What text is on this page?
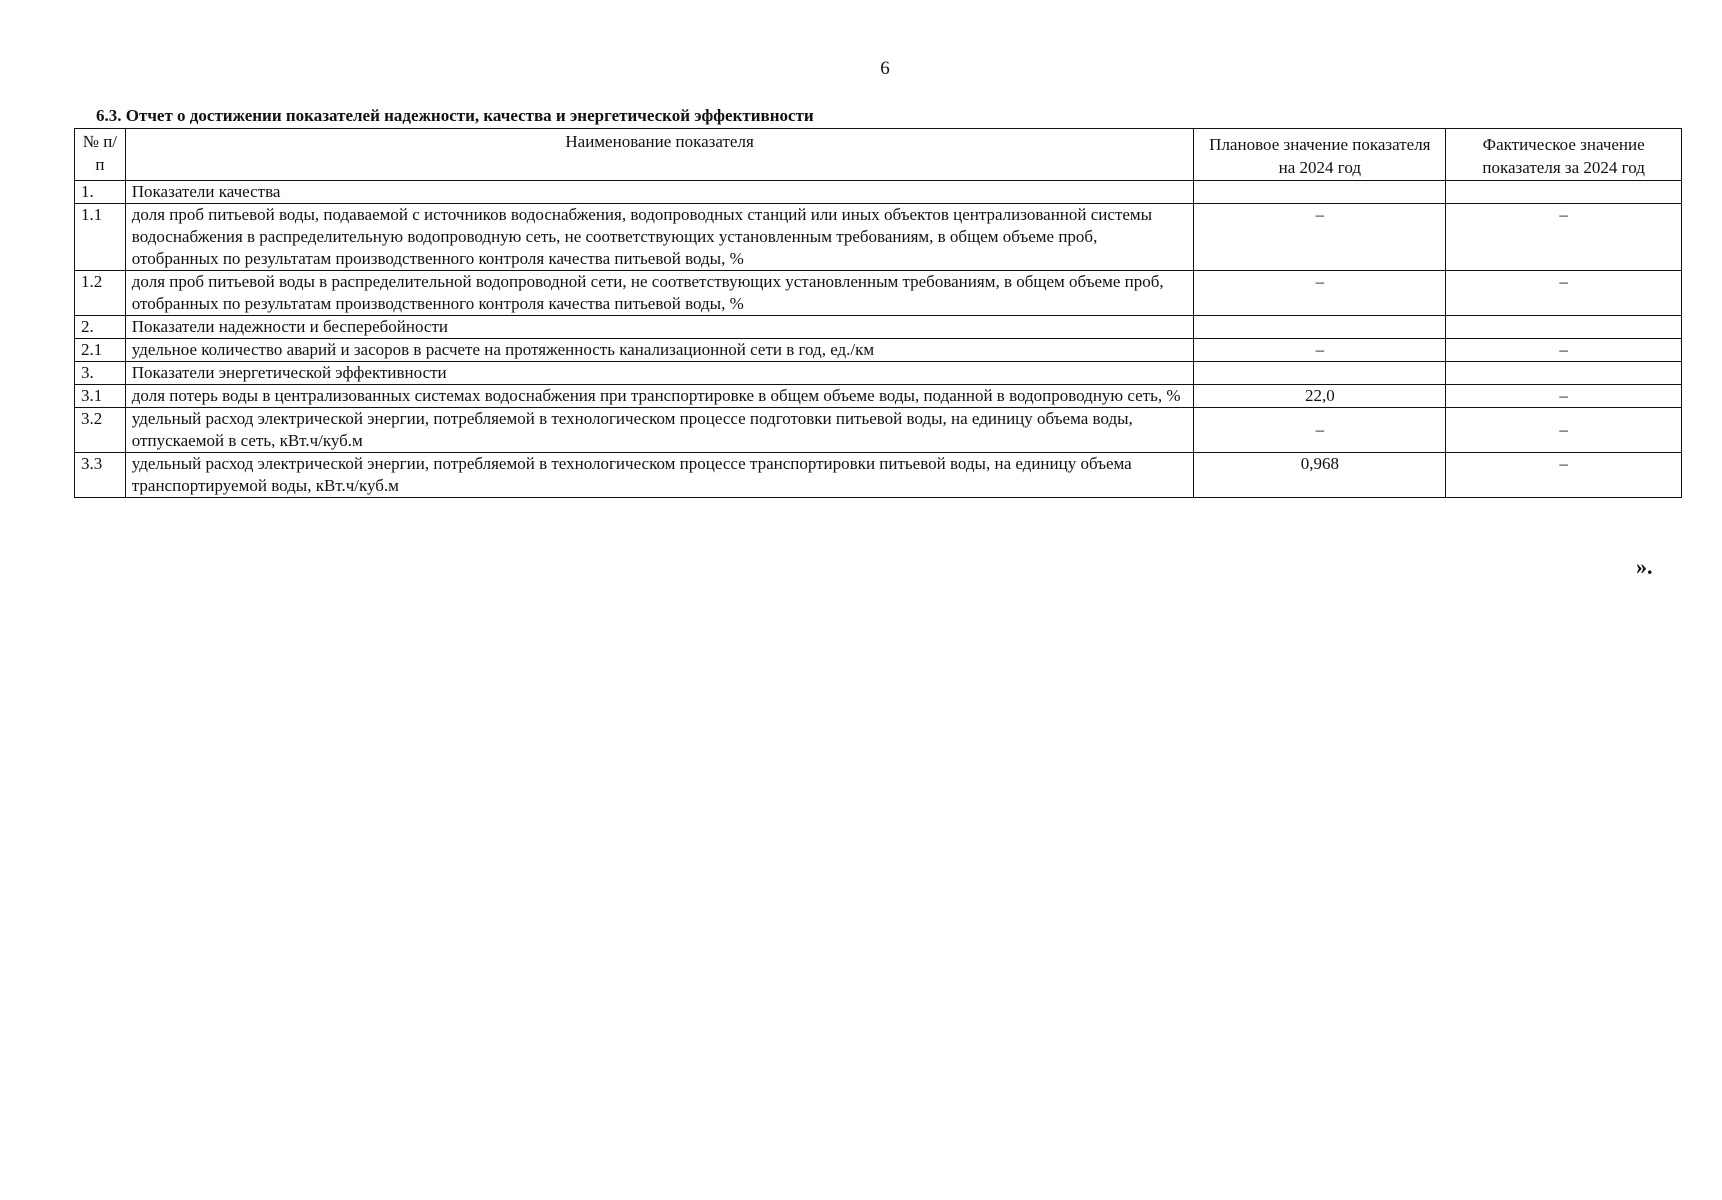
6
6.3. Отчет о достижении показателей надежности, качества и энергетической эффективности
№ п/п	Наименование показателя	Плановое значение показателя на 2024 год	Фактическое значение показателя за 2024 год
1.	Показатели качества		
1.1	доля проб питьевой воды, подаваемой с источников водоснабжения, водопроводных станций или иных объектов централизованной системы водоснабжения в распределительную водопроводную сеть, не соответствующих установленным требованиям, в общем объеме проб, отобранных по результатам производственного контроля качества питьевой воды, %	–	–
1.2	доля проб питьевой воды в распределительной водопроводной сети, не соответствующих установленным требованиям, в общем объеме проб, отобранных по результатам производственного контроля качества питьевой воды, %	–	–
2.	Показатели надежности и бесперебойности		
2.1	удельное количество аварий и засоров в расчете на протяженность канализационной сети в год, ед./км	–	–
3.	Показатели энергетической эффективности		
3.1	доля потерь воды в централизованных системах водоснабжения при транспортировке в общем объеме воды, поданной в водопроводную сеть, %	22,0	–
3.2	удельный расход электрической энергии, потребляемой в технологическом процессе подготовки питьевой воды, на единицу объема воды, отпускаемой в сеть, кВт.ч/куб.м	–	–
3.3	удельный расход электрической энергии, потребляемой в технологическом процессе транспортировки питьевой воды, на единицу объема транспортируемой воды, кВт.ч/куб.м	0,968	–
».
